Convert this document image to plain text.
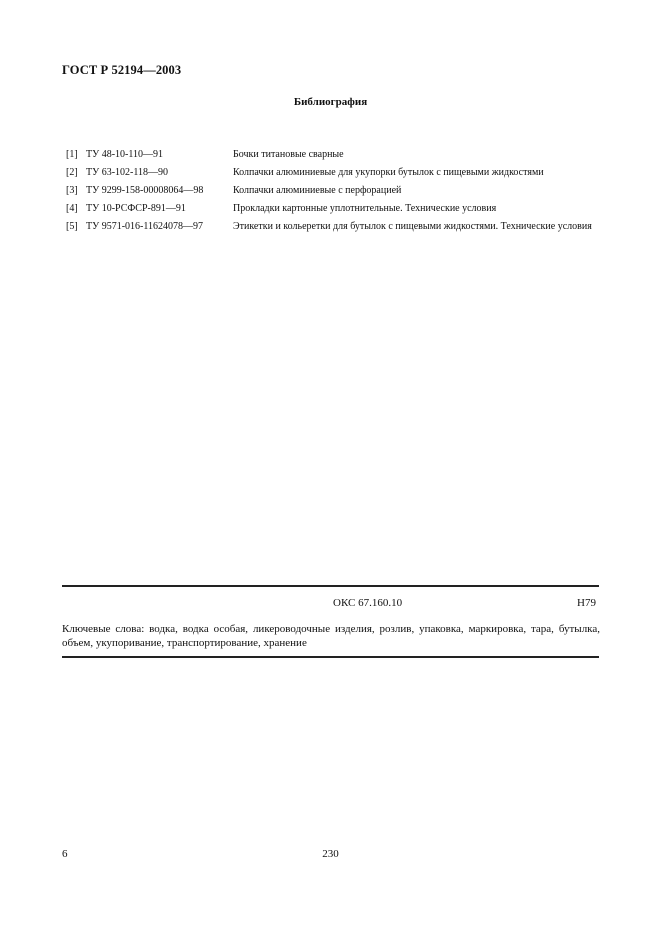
ГОСТ Р 52194—2003
Библиография
[1] ТУ 48-10-110—91	Бочки титановые сварные
[2] ТУ 63-102-118—90	Колпачки алюминиевые для укупорки бутылок с пищевыми жидкостями
[3] ТУ 9299-158-00008064—98	Колпачки алюминиевые с перфорацией
[4] ТУ 10-РСФСР-891—91	Прокладки картонные уплотнительные. Технические условия
[5] ТУ 9571-016-11624078—97	Этикетки и кольеретки для бутылок с пищевыми жидкостями. Технические условия
ОКС 67.160.10	Н79
Ключевые слова: водка, водка особая, ликероводочные изделия, розлив, упаковка, маркировка, тара, бутылка, объем, укупоривание, транспортирование, хранение
6	230
